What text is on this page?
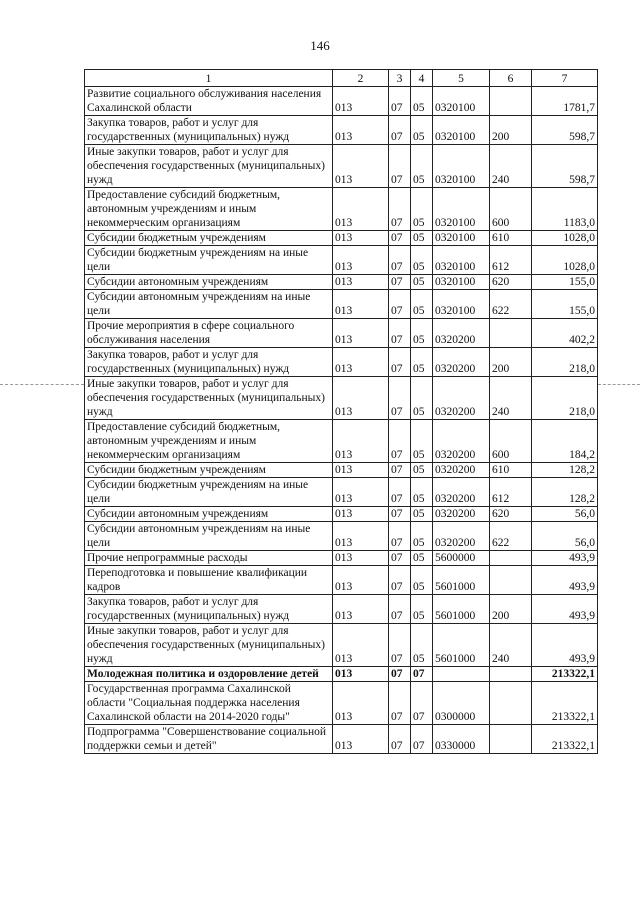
146
1	2	3	4	5	6	7
Развитие социального обслуживания населения Сахалинской области	013	07	05	0320100		1781,7
Закупка товаров, работ и услуг для государственных (муниципальных) нужд	013	07	05	0320100	200	598,7
Иные закупки товаров, работ и услуг для обеспечения государственных (муниципальных) нужд	013	07	05	0320100	240	598,7
Предоставление субсидий бюджетным, автономным учреждениям и иным некоммерческим организациям	013	07	05	0320100	600	1183,0
Субсидии бюджетным учреждениям	013	07	05	0320100	610	1028,0
Субсидии бюджетным учреждениям на иные цели	013	07	05	0320100	612	1028,0
Субсидии автономным учреждениям	013	07	05	0320100	620	155,0
Субсидии автономным учреждениям на иные цели	013	07	05	0320100	622	155,0
Прочие мероприятия в сфере социального обслуживания населения	013	07	05	0320200		402,2
Закупка товаров, работ и услуг для государственных (муниципальных) нужд	013	07	05	0320200	200	218,0
Иные закупки товаров, работ и услуг для обеспечения государственных (муниципальных) нужд	013	07	05	0320200	240	218,0
Предоставление субсидий бюджетным, автономным учреждениям и иным некоммерческим организациям	013	07	05	0320200	600	184,2
Субсидии бюджетным учреждениям	013	07	05	0320200	610	128,2
Субсидии бюджетным учреждениям на иные цели	013	07	05	0320200	612	128,2
Субсидии автономным учреждениям	013	07	05	0320200	620	56,0
Субсидии автономным учреждениям на иные цели	013	07	05	0320200	622	56,0
Прочие непрограммные расходы	013	07	05	5600000		493,9
Переподготовка и повышение квалификации кадров	013	07	05	5601000		493,9
Закупка товаров, работ и услуг для государственных (муниципальных) нужд	013	07	05	5601000	200	493,9
Иные закупки товаров, работ и услуг для обеспечения государственных (муниципальных) нужд	013	07	05	5601000	240	493,9
Молодежная политика и оздоровление детей	013	07	07			213322,1
Государственная программа Сахалинской области "Социальная поддержка населения Сахалинской области на 2014-2020 годы"	013	07	07	0300000		213322,1
Подпрограмма "Совершенствование социальной поддержки семьи и детей"	013	07	07	0330000		213322,1
